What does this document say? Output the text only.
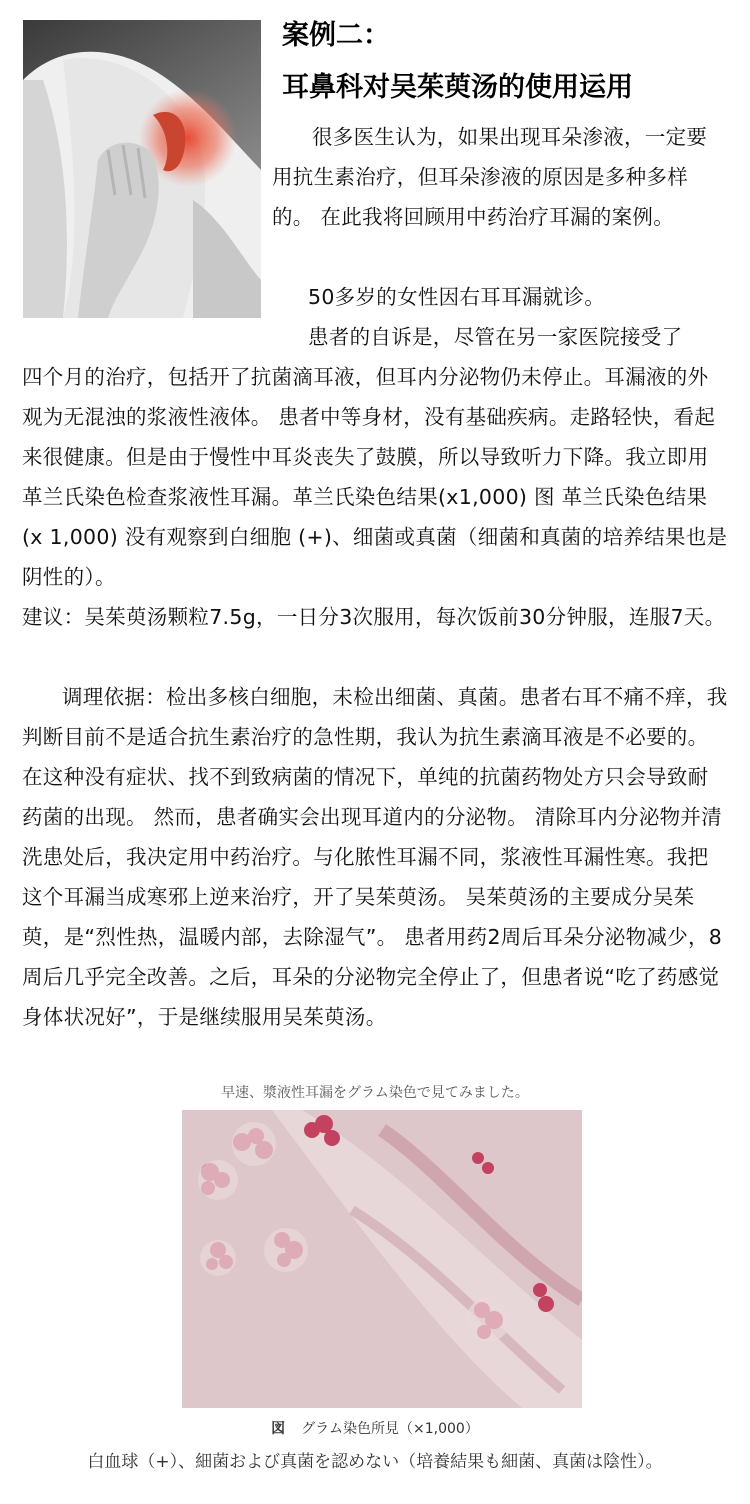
案例二：
耳鼻科对吴茱萸汤的使用运用

很多医生认为，如果出现耳朵渗液，一定要用抗生素治疗，但耳朵渗液的原因是多种多样的。 在此我将回顾用中药治疗耳漏的案例。

50多岁的女性因右耳耳漏就诊。

患者的自诉是，尽管在另一家医院接受了

四个月的治疗，包括开了抗菌滴耳液，但耳内分泌物仍未停止。耳漏液的外观为无混浊的浆液性液体。 患者中等身材，没有基础疾病。走路轻快，看起来很健康。但是由于慢性中耳炎丧失了鼓膜，所以导致听力下降。我立即用革兰氏染色检查浆液性耳漏。革兰氏染色结果(x1,000) 图 革兰氏染色结果 (x 1,000) 没有观察到白细胞 (+)、细菌或真菌（细菌和真菌的培养结果也是阴性的）。

建议：吴茱萸汤颗粒7.5g，一日分3次服用，每次饭前30分钟服，连服7天。

调理依据：检出多核白细胞，未检出细菌、真菌。患者右耳不痛不痒，我判断目前不是适合抗生素治疗的急性期，我认为抗生素滴耳液是不必要的。在这种没有症状、找不到致病菌的情况下，单纯的抗菌药物处方只会导致耐药菌的出现。 然而，患者确实会出现耳道内的分泌物。 清除耳内分泌物并清洗患处后，我决定用中药治疗。与化脓性耳漏不同，浆液性耳漏性寒。我把这个耳漏当成寒邪上逆来治疗，开了吴茱萸汤。 吴茱萸汤的主要成分吴茱萸，是“烈性热，温暖内部，去除湿气”。 患者用药2周后耳朵分泌物减少，8周后几乎完全改善。之后，耳朵的分泌物完全停止了，但患者说“吃了药感觉身体状况好”，于是继续服用吴茱萸汤。

早速、漿液性耳漏をグラム染色で見てみました。
図 グラム染色所見（×1,000）
白血球（+）、細菌および真菌を認めない（培養結果も細菌、真菌は陰性）。
